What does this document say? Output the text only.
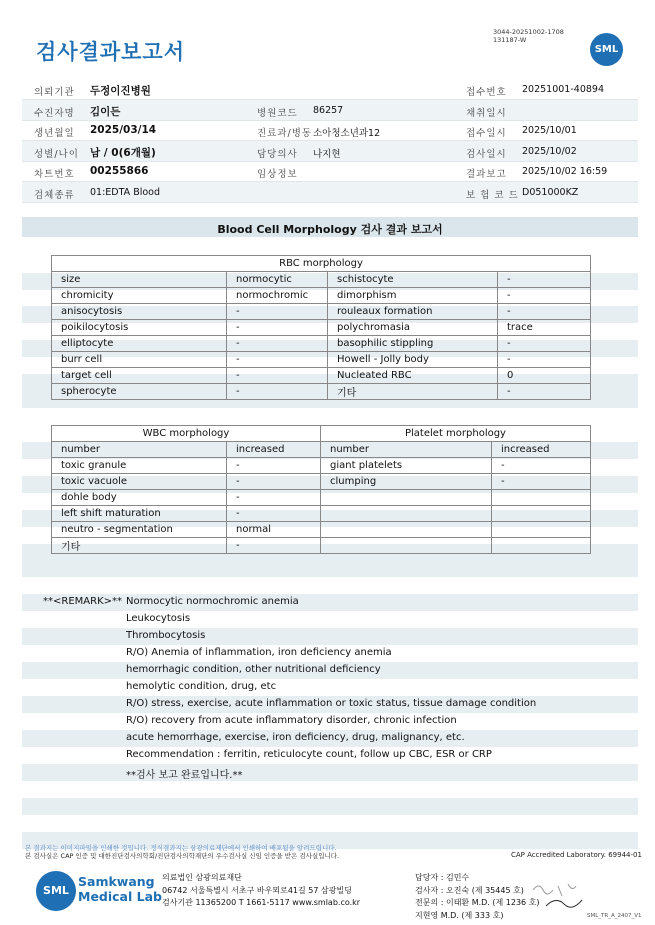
검사결과보고서
3044-20251002-1708
131187-W
SML
의뢰기관 두정이진병원	접수번호 20251001-40894
수진자명 김이든	병원코드 86257	채취일시
생년월일 2025/03/14	진료과/병동 소아청소년과12	접수일시 2025/10/01
성별/나이 남 / 0(6개월)	담당의사 나지현	검사일시 2025/10/02
차트번호 00255866	임상정보	결과보고 2025/10/02 16:59
검체종류 01:EDTA Blood	보 험 코 드 D051000KZ
Blood Cell Morphology 검사 결과 보고서
RBC morphology			
size	normocytic	schistocyte	-
chromicity	normochromic	dimorphism	-
anisocytosis	-	rouleaux formation	-
poikilocytosis	-	polychromasia	trace
elliptocyte	-	basophilic stippling	-
burr cell	-	Howell - Jolly body	-
target cell	-	Nucleated RBC	0
spherocyte	-	기타	-
WBC morphology		Platelet morphology	
number	increased	number	increased
toxic granule	-	giant platelets	-
toxic vacuole	-	clumping	-
dohle body	-		
left shift maturation	-		
neutro - segmentation	normal		
기타	-		
**<REMARK>** Normocytic normochromic anemia
Leukocytosis
Thrombocytosis
R/O) Anemia of inflammation, iron deficiency anemia
hemorrhagic condition, other nutritional deficiency
hemolytic condition, drug, etc
R/O) stress, exercise, acute inflammation or toxic status, tissue damage condition
R/O) recovery from acute inflammatory disorder, chronic infection
acute hemorrhage, exercise, iron deficiency, drug, malignancy, etc.
Recommendation : ferritin, reticulocyte count, follow up CBC, ESR or CRP
**검사 보고 완료입니다.**
본 결과지는 이미지파일을 인쇄한 것입니다. 정식결과지는 삼광의료재단에서 인쇄하여 배포됨을 알려드립니다.
본 검사실은 CAP 인증 및 대한진단검사의학회/진단검사의학재단의 우수검사실 신임 인증을 받은 검사실입니다.	CAP Accredited Laboratory. 69944-01
SML
Samkwang
Medical Lab
의료법인 삼광의료재단
06742 서울특별시 서초구 바우뫼로41길 57 삼광빌딩
검사기관 11365200 T 1661-5117 www.smlab.co.kr
담당자 : 김민수
검사자 : 오진숙 (제 35445 호)
전문의 : 이태환 M.D. (제 1236 호)
지현영 M.D. (제 333 호)	SML_TR_A_2407_V1
